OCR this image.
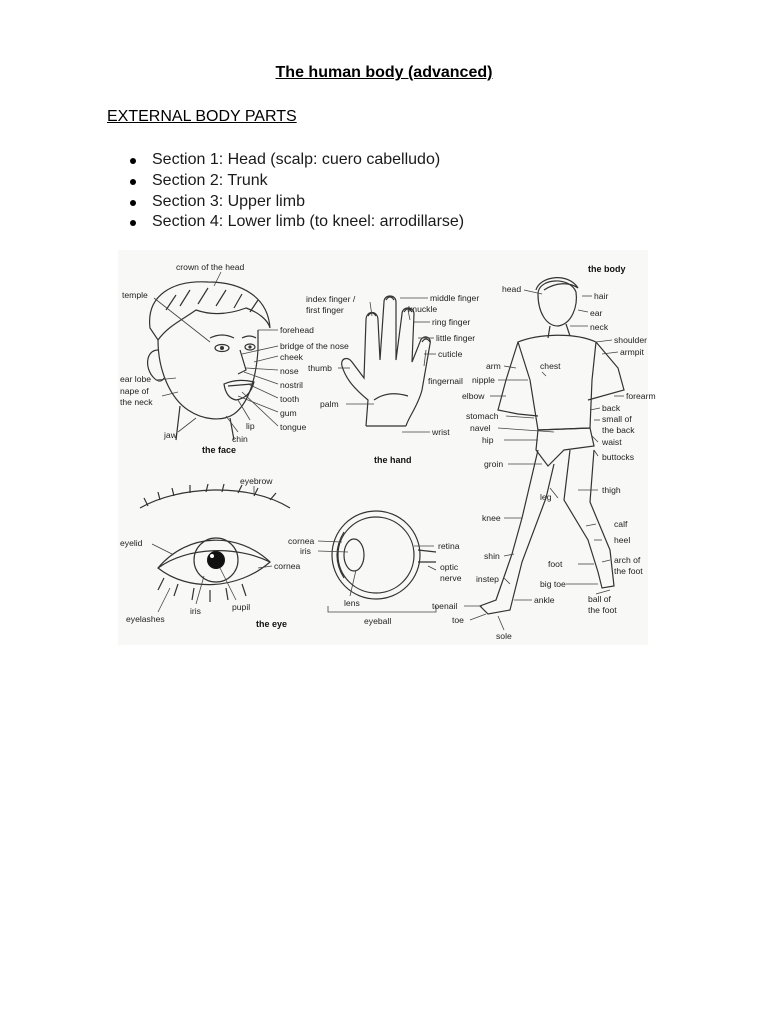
The human body (advanced)
EXTERNAL BODY PARTS
Section 1: Head (scalp: cuero cabelludo)
Section 2: Trunk
Section 3: Upper limb
Section 4: Lower limb (to kneel: arrodillarse)
crown of the head
temple
forehead
bridge of the nose
cheek
nose
nostril
tooth
gum
tongue
lip
chin
jaw
ear lobe
nape of
the neck
the face
index finger /
first finger
middle finger
knuckle
ring finger
little finger
cuticle
fingernail
thumb
palm
wrist
the hand
eyebrow
eyelid
cornea
iris	pupil
eyelashes	the eye
cornea
iris	retina
optic
nerve
lens
eyeball
the body
head
hair
ear
neck
shoulder
armpit
arm	chest
nipple
elbow	forearm
back
small of
the back
waist
stomach
navel
hip
buttocks
groin
thigh
leg
knee
calf
heel
shin
foot	arch of
the foot
instep	big toe
ankle	ball of
the foot
toenail
toe
sole
